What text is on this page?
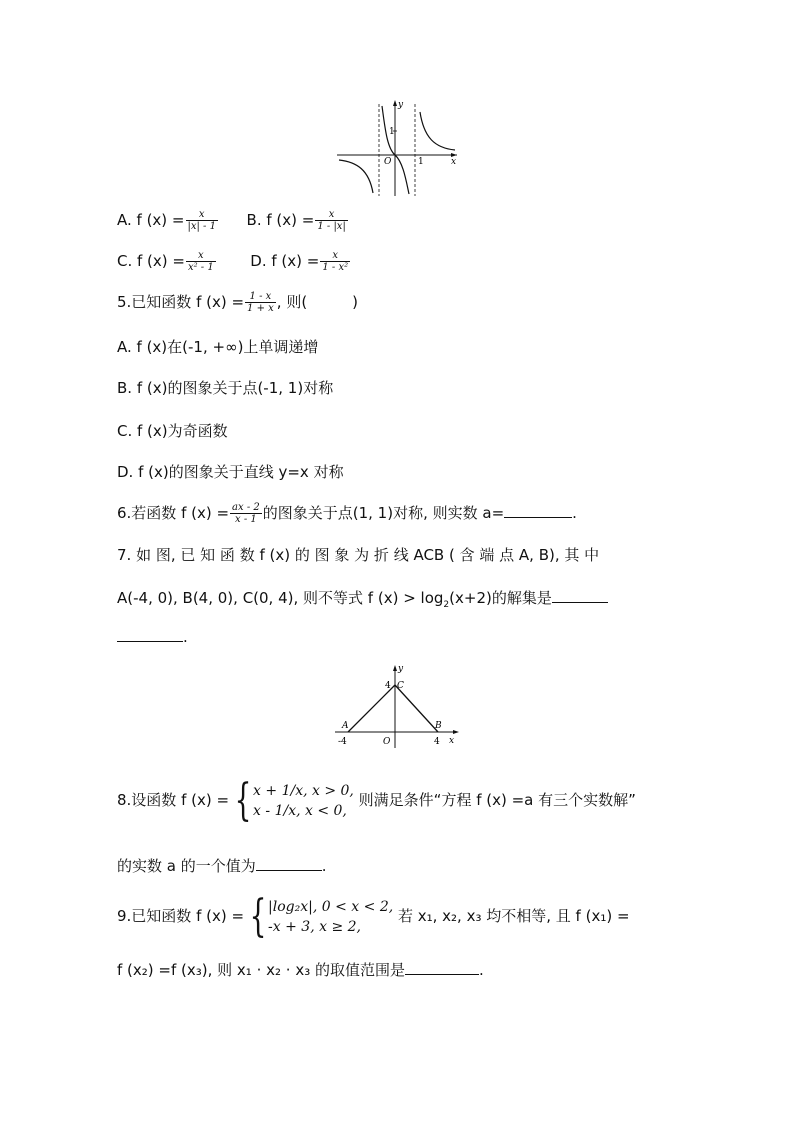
O	1
1
x
y
A. f $(x) = \frac{x}{|x| - 1} B$. f $(x) = \frac{x}{1 - |x|}$
C. f $(x) = \frac{x}{\text{x² - 1}} D$. f $(x) = \frac{x}{\text{1 - x²}}$
5.已知函数 f $(x) = \frac{1 - x}{1 + x}$ , 则(　　　)
A. f (x)在(-1, +∞)上单调递增
B. f (x)的图象关于点(-1, 1)对称
C. f (x)为奇函数
D. f (x)的图象关于直线 y=x 对称
6.若函数 f $(x) = \frac{ax - 2}{x - 1}$ 的图象关于点(1, 1)对称, 则实数 a=	.
7. 如 图, 已 知 函 数 f (x) 的 图 象 为 折 线 ACB ( 含 端 点 A, B), 其 中
A(-4, 0), B(4, 0), C(0, 4), 则不等式 f $(x) > \log_2(x+2)$的解集是
.
A	B
C
4
O
-4	4 x
y
8.设函数 f (x) = { x + 1/x, x > 0,
x - 1/x, x < 0,
则满足条件“方程 f (x) =a 有三个实数解”
的实数 a 的一个值为	.
9.已知函数 f (x) = { |log₂x|, 0 < x < 2,
-x + 3, x ≥ 2,
若 x₁, x₂, x₃ 均不相等, 且 f (x₁) =
f (x₂) =f (x₃), 则 x₁ · x₂ · x₃ 的取值范围是	.
